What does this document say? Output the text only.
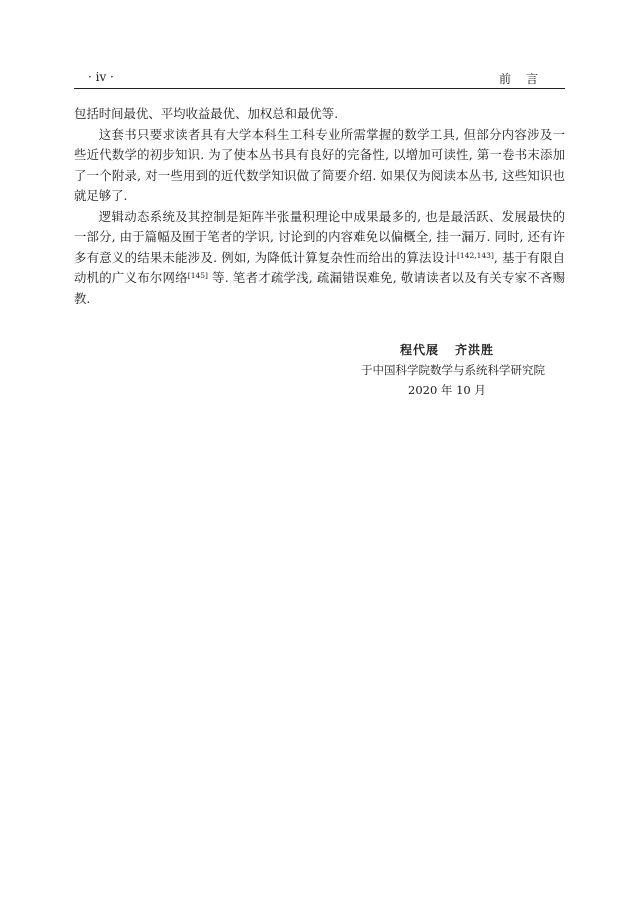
· iv ·	前言

包括时间最优、平均收益最优、加权总和最优等.

这套书只要求读者具有大学本科生工科专业所需掌握的数学工具, 但部分内容涉及一些近代数学的初步知识. 为了使本丛书具有良好的完备性, 以增加可读性, 第一卷书末添加了一个附录, 对一些用到的近代数学知识做了简要介绍. 如果仅为阅读本丛书, 这些知识也就足够了.

逻辑动态系统及其控制是矩阵半张量积理论中成果最多的, 也是最活跃、发展最快的一部分, 由于篇幅及囿于笔者的学识, 讨论到的内容难免以偏概全, 挂一漏万. 同时, 还有许多有意义的结果未能涉及. 例如, 为降低计算复杂性而给出的算法设计[142,143], 基于有限自动机的广义布尔网络[145] 等. 笔者才疏学浅, 疏漏错误难免, 敬请读者以及有关专家不吝赐教.

程代展 齐洪胜
于中国科学院数学与系统科学研究院
2020 年 10 月
